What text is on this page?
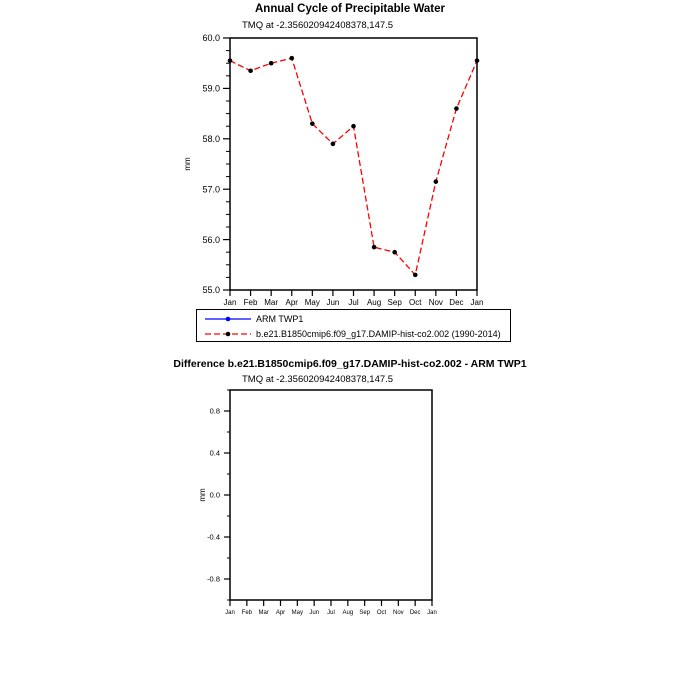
Annual Cycle of Precipitable Water
TMQ at -2.356020942408378,147.5
55.0
56.0
57.0
58.0
59.0
60.0
Jan Feb Mar Apr May Jun Jul Aug Sep Oct Nov Dec Jan
mm
-0.8
-0.4
0.0
0.4
0.8
Jan Feb Mar Apr May Jun Jul Aug Sep Oct Nov Dec Jan
mm
ARM TWP1
b.e21.B1850cmip6.f09_g17.DAMIP-hist-co2.002 (1990-2014)
Difference b.e21.B1850cmip6.f09_g17.DAMIP-hist-co2.002 - ARM TWP1
TMQ at -2.356020942408378,147.5
